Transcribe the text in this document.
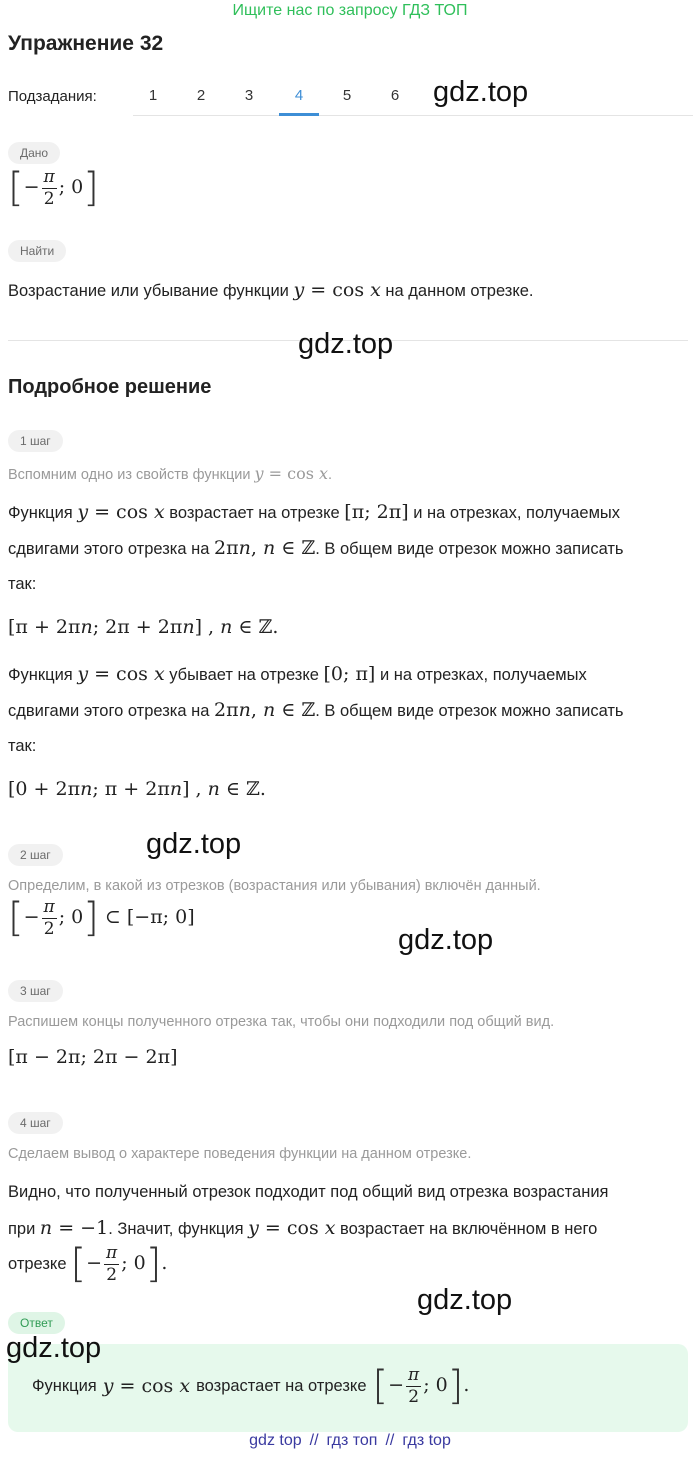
Ищите нас по запросу ГДЗ ТОП
Упражнение 32
Подзадания:	1	2	3	4	5	6	gdz.top
Дано
[− $\frac{\pi}{2}$ ; 0]
Найти
Возрастание или убывание функции y = cos x на данном отрезке.
gdz.top
Подробное решение
1 шаг
Вспомним одно из свойств функции y = cos x.
Функция y = cos x возрастает на отрезке [π; 2π] и на отрезках, получаемых
сдвигами этого отрезка на 2πn, n ∈ ℤ. В общем виде отрезок можно записать
так:
[π + 2πn; 2π + 2πn] , n ∈ ℤ.
Функция y = cos x убывает на отрезке [0; π] и на отрезках, получаемых
сдвигами этого отрезка на 2πn, n ∈ ℤ. В общем виде отрезок можно записать
так:
[0 + 2πn; π + 2πn] , n ∈ ℤ.
gdz.top
2 шаг
Определим, в какой из отрезков (возрастания или убывания) включён данный.
[− $\frac{\pi}{2}$ ; 0] ⊂ [−π; 0]
gdz.top
3 шаг
Распишем концы полученного отрезка так, чтобы они подходили под общий вид.
[π − 2π; 2π − 2π]
4 шаг
Сделаем вывод о характере поведения функции на данном отрезке.
Видно, что полученный отрезок подходит под общий вид отрезка возрастания
при n = −1. Значит, функция y = cos x возрастает на включённом в него
отрезке [− $\frac{\pi}{2}$ ; 0].
gdz.top
Ответ
Функция y = cos x возрастает на отрезке [− $\frac{\pi}{2}$ ; 0].
gdz.top
gdz top // гдз топ // гдз top
